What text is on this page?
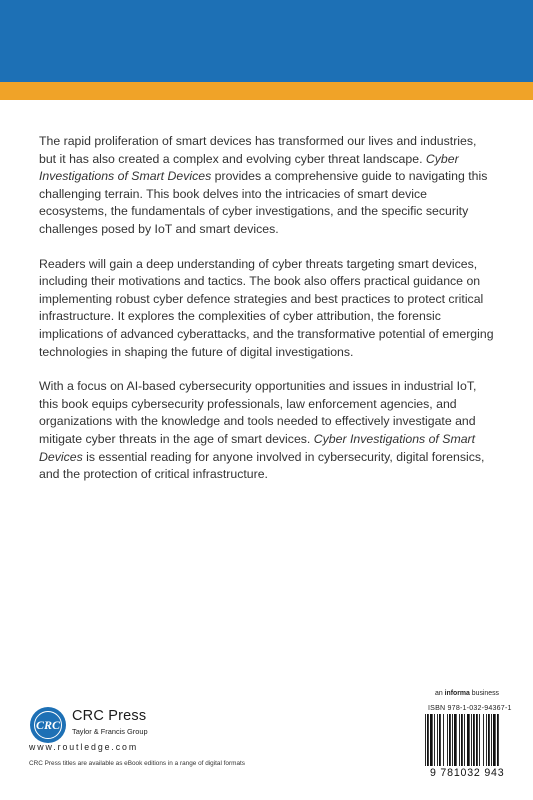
The rapid proliferation of smart devices has transformed our lives and industries, but it has also created a complex and evolving cyber threat landscape. Cyber Investigations of Smart Devices provides a comprehensive guide to navigating this challenging terrain. This book delves into the intricacies of smart device ecosystems, the fundamentals of cyber investigations, and the specific security challenges posed by IoT and smart devices.

Readers will gain a deep understanding of cyber threats targeting smart devices, including their motivations and tactics. The book also offers practical guidance on implementing robust cyber defence strategies and best practices to protect critical infrastructure. It explores the complexities of cyber attribution, the forensic implications of advanced cyberattacks, and the transformative potential of emerging technologies in shaping the future of digital investigations.

With a focus on AI-based cybersecurity opportunities and issues in industrial IoT, this book equips cybersecurity professionals, law enforcement agencies, and organizations with the knowledge and tools needed to effectively investigate and mitigate cyber threats in the age of smart devices. Cyber Investigations of Smart Devices is essential reading for anyone involved in cybersecurity, digital forensics, and the protection of critical infrastructure.

CRC
CRC Press
Taylor & Francis Group
www.routledge.com
CRC Press titles are available as eBook editions in a range of digital formats
an informa business
ISBN 978-1-032-94367-1
9 781032 943
